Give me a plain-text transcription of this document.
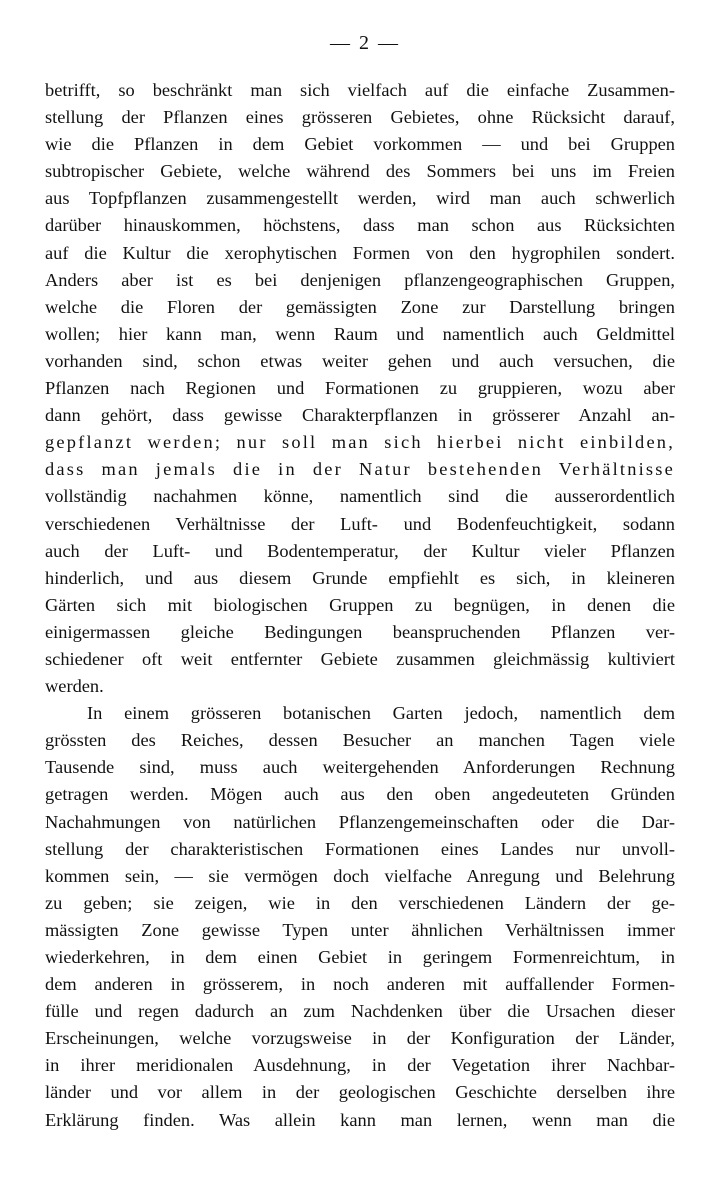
— 2 —
betrifft, so beschränkt man sich vielfach auf die einfache Zusammen-
stellung der Pflanzen eines grösseren Gebietes, ohne Rücksicht darauf,
wie die Pflanzen in dem Gebiet vorkommen — und bei Gruppen
subtropischer Gebiete, welche während des Sommers bei uns im Freien
aus Topfpflanzen zusammengestellt werden, wird man auch schwerlich
darüber hinauskommen, höchstens, dass man schon aus Rücksichten
auf die Kultur die xerophytischen Formen von den hygrophilen sondert.
Anders aber ist es bei denjenigen pflanzengeographischen Gruppen,
welche die Floren der gemässigten Zone zur Darstellung bringen
wollen; hier kann man, wenn Raum und namentlich auch Geldmittel
vorhanden sind, schon etwas weiter gehen und auch versuchen, die
Pflanzen nach Regionen und Formationen zu gruppieren, wozu aber
dann gehört, dass gewisse Charakterpflanzen in grösserer Anzahl an-
gepflanzt werden; nur soll man sich hierbei nicht einbilden,
dass man jemals die in der Natur bestehenden Verhältnisse
vollständig nachahmen könne, namentlich sind die ausserordentlich
verschiedenen Verhältnisse der Luft- und Bodenfeuchtigkeit, sodann
auch der Luft- und Bodentemperatur, der Kultur vieler Pflanzen
hinderlich, und aus diesem Grunde empfiehlt es sich, in kleineren
Gärten sich mit biologischen Gruppen zu begnügen, in denen die
einigermassen gleiche Bedingungen beanspruchenden Pflanzen ver-
schiedener oft weit entfernter Gebiete zusammen gleichmässig kultiviert
werden.
In einem grösseren botanischen Garten jedoch, namentlich dem
grössten des Reiches, dessen Besucher an manchen Tagen viele
Tausende sind, muss auch weitergehenden Anforderungen Rechnung
getragen werden. Mögen auch aus den oben angedeuteten Gründen
Nachahmungen von natürlichen Pflanzengemeinschaften oder die Dar-
stellung der charakteristischen Formationen eines Landes nur unvoll-
kommen sein, — sie vermögen doch vielfache Anregung und Belehrung
zu geben; sie zeigen, wie in den verschiedenen Ländern der ge-
mässigten Zone gewisse Typen unter ähnlichen Verhältnissen immer
wiederkehren, in dem einen Gebiet in geringem Formenreichtum, in
dem anderen in grösserem, in noch anderen mit auffallender Formen-
fülle und regen dadurch an zum Nachdenken über die Ursachen dieser
Erscheinungen, welche vorzugsweise in der Konfiguration der Länder,
in ihrer meridionalen Ausdehnung, in der Vegetation ihrer Nachbar-
länder und vor allem in der geologischen Geschichte derselben ihre
Erklärung finden. Was allein kann man lernen, wenn man die
